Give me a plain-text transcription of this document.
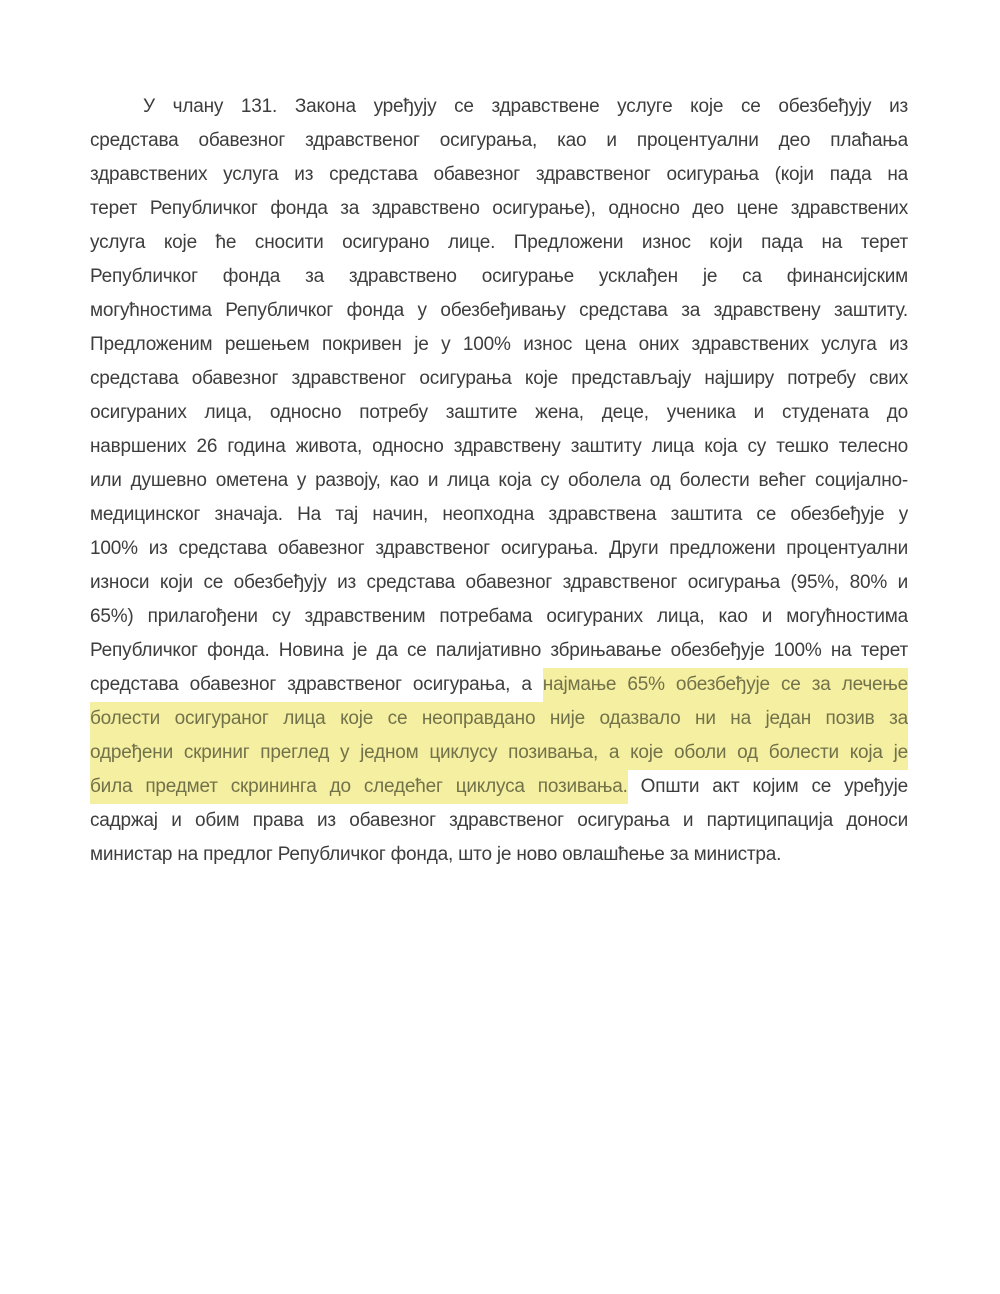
У члану 131. Закона уређују се здравствене услуге које се обезбеђују из
средстава обавезног здравственог осигурања, као и процентуални део плаћања
здравствених услуга из средстава обавезног здравственог осигурања (који пада на
терет Републичког фонда за здравствено осигурање), односно део цене здравствених
услуга које ће сносити осигурано лице. Предложени износ који пада на терет
Републичког фонда за здравствено осигурање усклађен је са финансијским
могућностима Републичког фонда у обезбеђивању средстава за здравствену заштиту.
Предложеним решењем покривен је у 100% износ цена оних здравствених услуга из
средстава обавезног здравственог осигурања које представљају најширу потребу свих
осигураних лица, односно потребу заштите жена, деце, ученика и студената до
навршених 26 година живота, односно здравствену заштиту лица која су тешко телесно
или душевно ометена у развоју, као и лица која су оболела од болести већег социјално-
медицинског значаја. На тај начин, неопходна здравствена заштита се обезбеђује у
100% из средстава обавезног здравственог осигурања. Други предложени процентуални
износи који се обезбеђују из средстава обавезног здравственог осигурања (95%, 80% и
65%) прилагођени су здравственим потребама осигураних лица, као и могућностима
Републичког фонда. Новина је да се палијативно збрињавање обезбеђује 100% на терет
средстава обавезног здравственог осигурања, а најмање 65% обезбеђује се за лечење
болести осигураног лица које се неоправдано није одазвало ни на један позив за
одређени скриниг преглед у једном циклусу позивања, а које оболи од болести која је
била предмет скрининга до следећег циклуса позивања. Општи акт којим се уређује
садржај и обим права из обавезног здравственог осигурања и партиципација доноси
министар на предлог Републичког фонда, што је ново овлашћење за министра.
